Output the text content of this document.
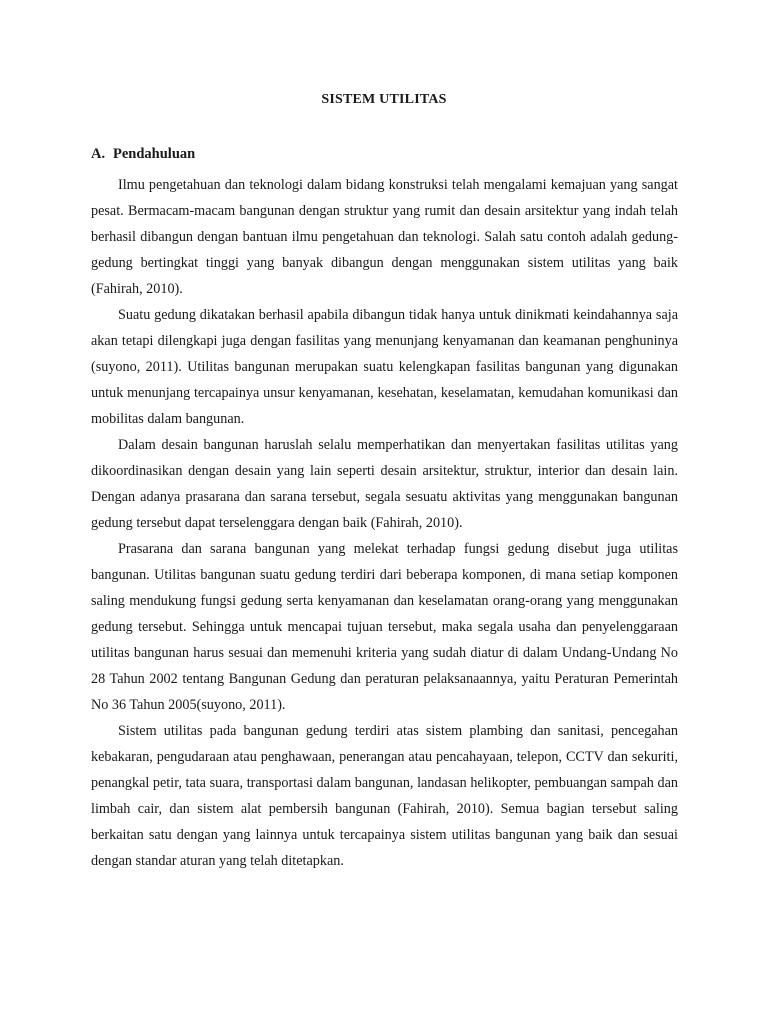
SISTEM UTILITAS
A. Pendahuluan

Ilmu pengetahuan dan teknologi dalam bidang konstruksi telah mengalami kemajuan yang sangat pesat. Bermacam-macam bangunan dengan struktur yang rumit dan desain arsitektur yang indah telah berhasil dibangun dengan bantuan ilmu pengetahuan dan teknologi. Salah satu contoh adalah gedung-gedung bertingkat tinggi yang banyak dibangun dengan menggunakan sistem utilitas yang baik (Fahirah, 2010).

Suatu gedung dikatakan berhasil apabila dibangun tidak hanya untuk dinikmati keindahannya saja akan tetapi dilengkapi juga dengan fasilitas yang menunjang kenyamanan dan keamanan penghuninya (suyono, 2011). Utilitas bangunan merupakan suatu kelengkapan fasilitas bangunan yang digunakan untuk menunjang tercapainya unsur kenyamanan, kesehatan, keselamatan, kemudahan komunikasi dan mobilitas dalam bangunan.

Dalam desain bangunan haruslah selalu memperhatikan dan menyertakan fasilitas utilitas yang dikoordinasikan dengan desain yang lain seperti desain arsitektur, struktur, interior dan desain lain. Dengan adanya prasarana dan sarana tersebut, segala sesuatu aktivitas yang menggunakan bangunan gedung tersebut dapat terselenggara dengan baik (Fahirah, 2010).

Prasarana dan sarana bangunan yang melekat terhadap fungsi gedung disebut juga utilitas bangunan. Utilitas bangunan suatu gedung terdiri dari beberapa komponen, di mana setiap komponen saling mendukung fungsi gedung serta kenyamanan dan keselamatan orang-orang yang menggunakan gedung tersebut. Sehingga untuk mencapai tujuan tersebut, maka segala usaha dan penyelenggaraan utilitas bangunan harus sesuai dan memenuhi kriteria yang sudah diatur di dalam Undang-Undang No 28 Tahun 2002 tentang Bangunan Gedung dan peraturan pelaksanaannya, yaitu Peraturan Pemerintah No 36 Tahun 2005(suyono, 2011).

Sistem utilitas pada bangunan gedung terdiri atas sistem plambing dan sanitasi, pencegahan kebakaran, pengudaraan atau penghawaan, penerangan atau pencahayaan, telepon, CCTV dan sekuriti, penangkal petir, tata suara, transportasi dalam bangunan, landasan helikopter, pembuangan sampah dan limbah cair, dan sistem alat pembersih bangunan (Fahirah, 2010). Semua bagian tersebut saling berkaitan satu dengan yang lainnya untuk tercapainya sistem utilitas bangunan yang baik dan sesuai dengan standar aturan yang telah ditetapkan.
